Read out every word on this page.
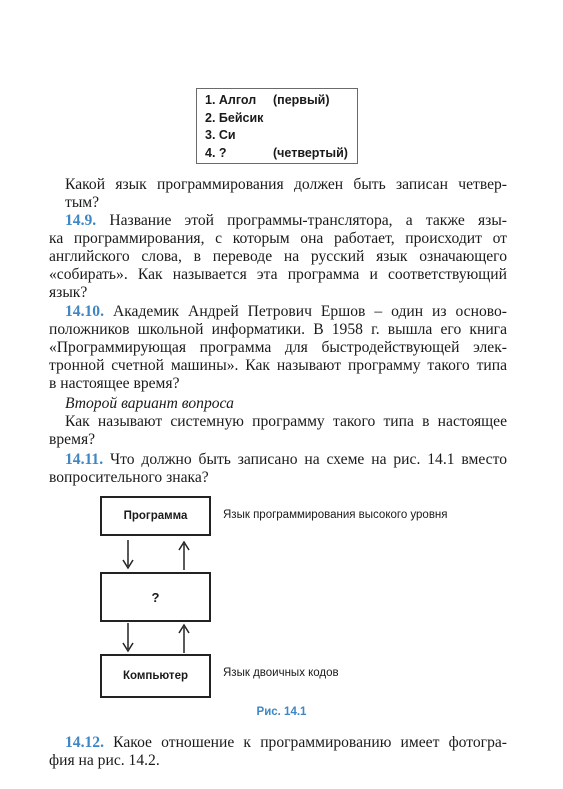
1. Алгол (первый)
2. Бейсик
3. Си
4. ?	(четвертый)
Какой язык программирования должен быть записан четвер-
тым?
14.9. Название этой программы-транслятора, а также язы-
ка программирования, с которым она работает, происходит от
английского слова, в переводе на русский язык означающего
«собирать». Как называется эта программа и соответствующий
язык?
14.10. Академик Андрей Петрович Ершов – один из осново-
положников школьной информатики. В 1958 г. вышла его книга
«Программирующая программа для быстродействующей элек-
тронной счетной машины». Как называют программу такого типа
в настоящее время?
Второй вариант вопроса
Как называют системную программу такого типа в настоящее
время?
14.11. Что должно быть записано на схеме на рис. 14.1 вместо
вопросительного знака?
Программа	Язык программирования высокого уровня
?
Компьютер	Язык двоичных кодов
Рис. 14.1
14.12. Какое отношение к программированию имеет фотогра-
фия на рис. 14.2.
